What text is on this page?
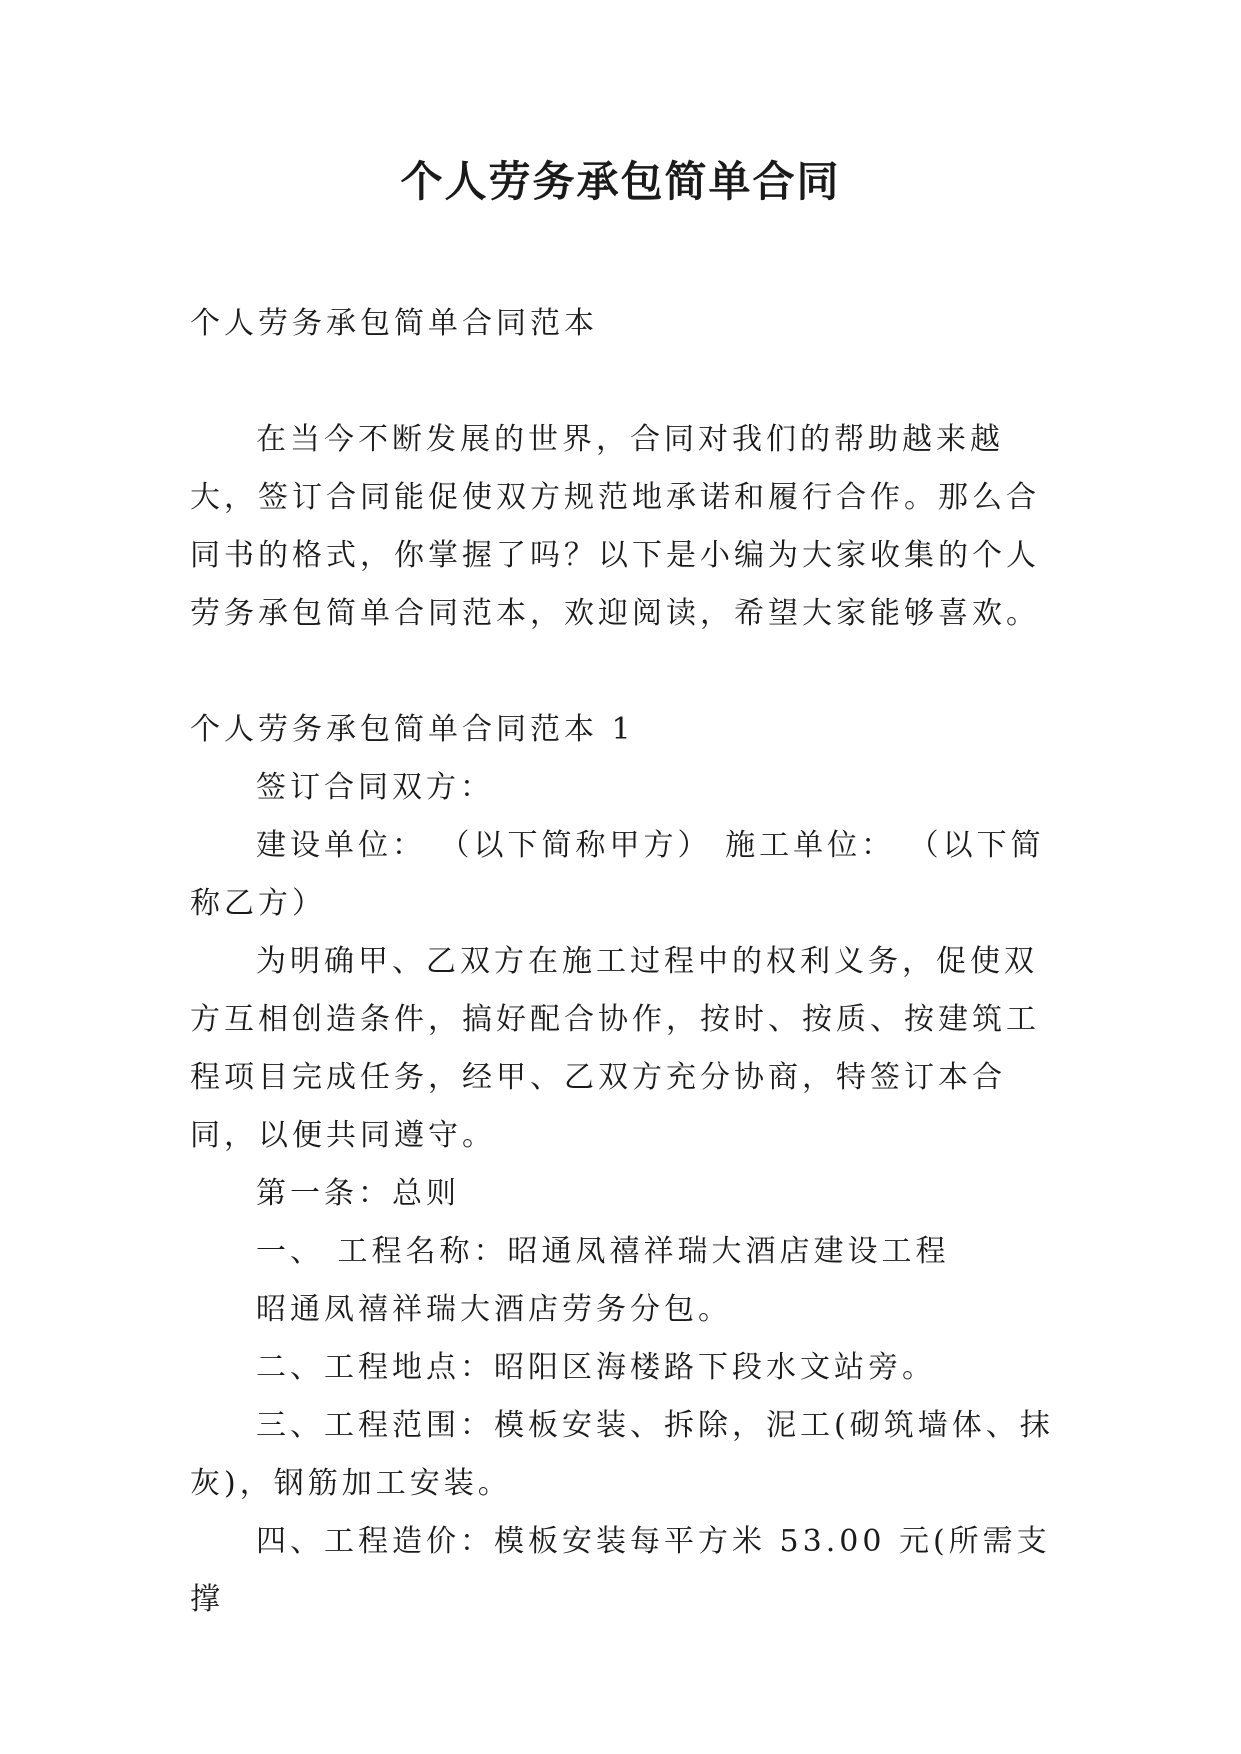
个人劳务承包简单合同

个人劳务承包简单合同范本

在当今不断发展的世界，合同对我们的帮助越来越大，签订合同能促使双方规范地承诺和履行合作。那么合同书的格式，你掌握了吗？以下是小编为大家收集的个人劳务承包简单合同范本，欢迎阅读，希望大家能够喜欢。

个人劳务承包简单合同范本 1

签订合同双方：

建设单位： （以下简称甲方） 施工单位： （以下简称乙方）

为明确甲、乙双方在施工过程中的权利义务，促使双方互相创造条件，搞好配合协作，按时、按质、按建筑工程项目完成任务，经甲、乙双方充分协商，特签订本合同，以便共同遵守。

第一条：总则

一、 工程名称：昭通凤禧祥瑞大酒店建设工程

昭通凤禧祥瑞大酒店劳务分包。

二、工程地点：昭阳区海楼路下段水文站旁。

三、工程范围：模板安装、拆除，泥工(砌筑墙体、抹灰)，钢筋加工安装。

四、工程造价：模板安装每平方米 53.00 元(所需支撑
